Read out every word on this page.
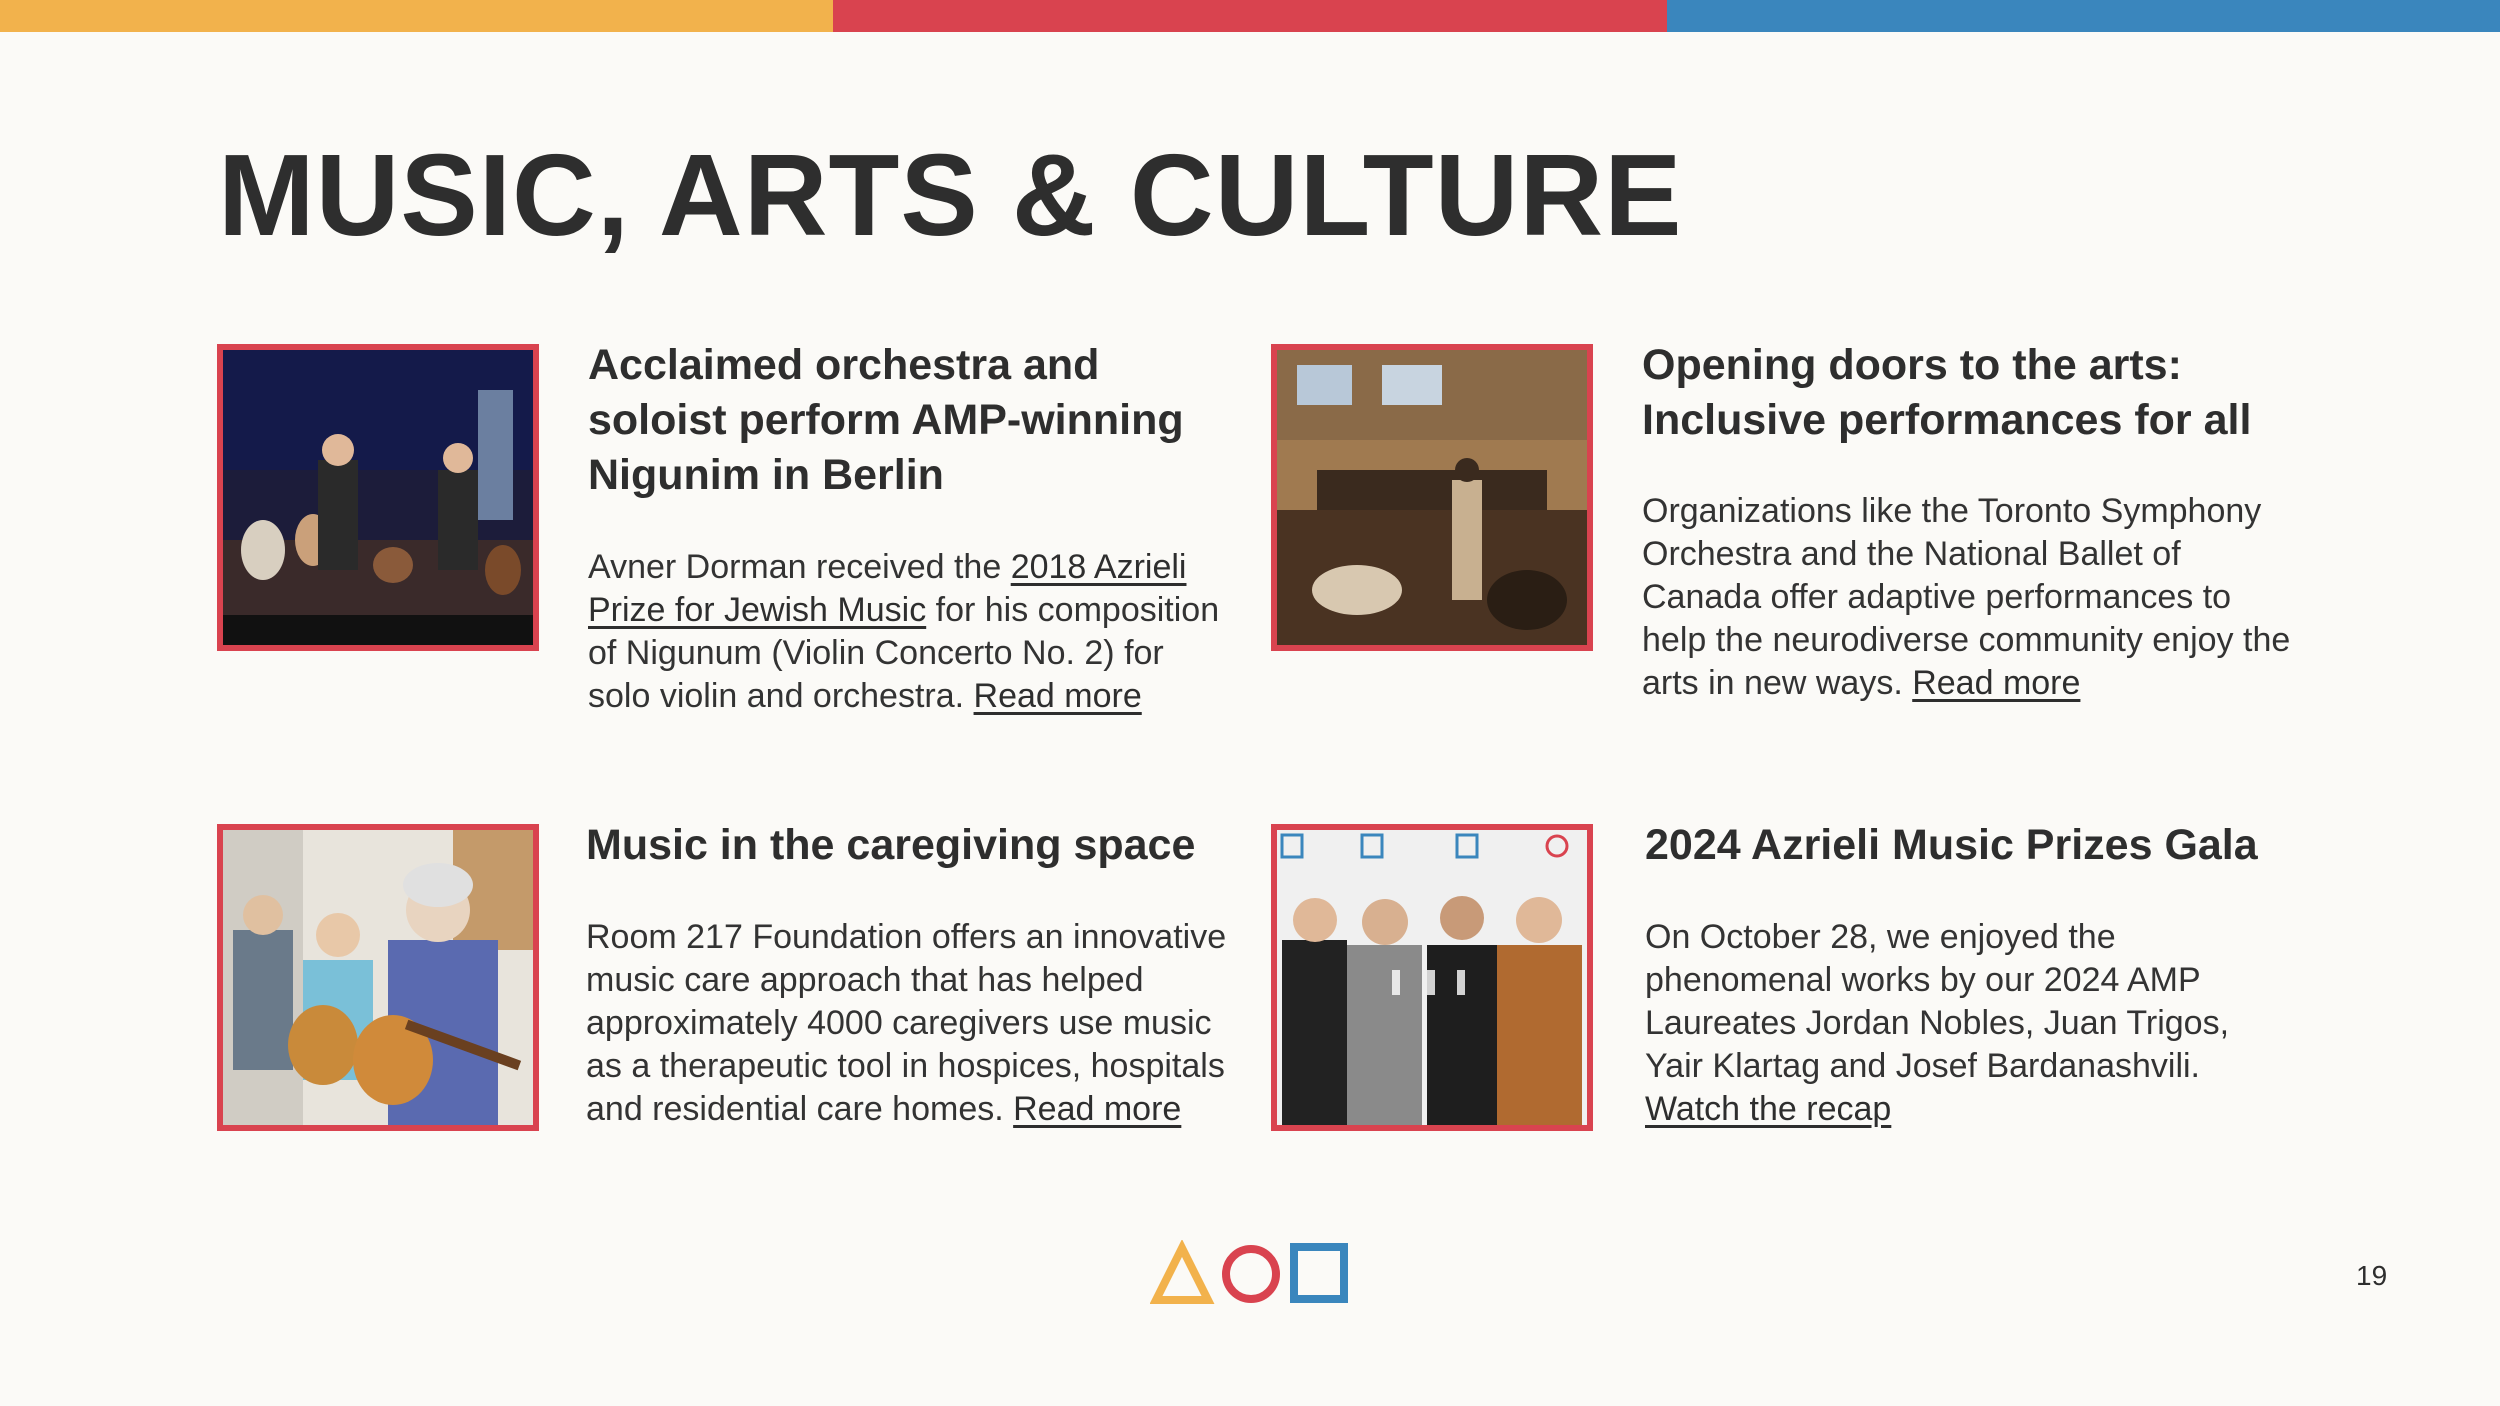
MUSIC, ARTS & CULTURE
Acclaimed orchestra and soloist perform AMP-winning Nigunim in Berlin

Avner Dorman received the 2018 Azrieli Prize for Jewish Music for his composition of Nigunum (Violin Concerto No. 2) for solo violin and orchestra. Read more

Opening doors to the arts: Inclusive performances for all

Organizations like the Toronto Symphony Orchestra and the National Ballet of Canada offer adaptive performances to help the neurodiverse community enjoy the arts in new ways. Read more

Music in the caregiving space

Room 217 Foundation offers an innovative music care approach that has helped approximately 4000 caregivers use music as a therapeutic tool in hospices, hospitals and residential care homes. Read more

2024 Azrieli Music Prizes Gala

On October 28, we enjoyed the phenomenal works by our 2024 AMP Laureates Jordan Nobles, Juan Trigos, Yair Klartag and Josef Bardanashvili. Watch the recap

19
